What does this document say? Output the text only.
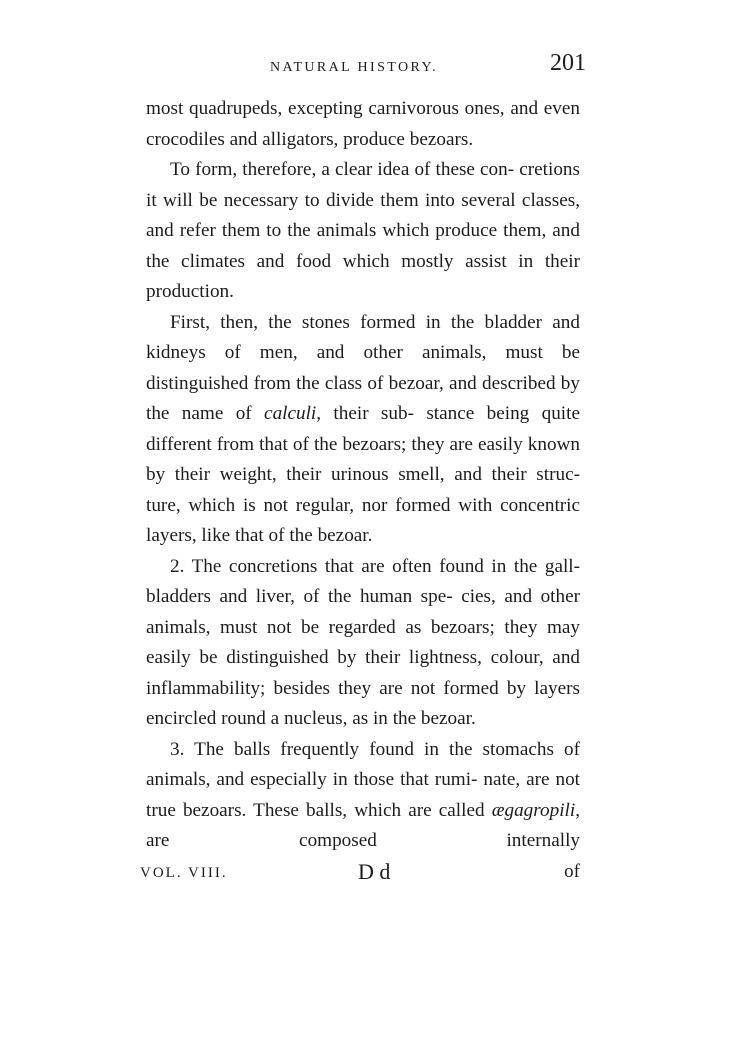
NATURAL HISTORY.	201

most quadrupeds, excepting carnivorous ones, and even crocodiles and alligators, produce bezoars.

To form, therefore, a clear idea of these con- cretions it will be necessary to divide them into several classes, and refer them to the animals which produce them, and the climates and food which mostly assist in their production.

First, then, the stones formed in the bladder and kidneys of men, and other animals, must be distinguished from the class of bezoar, and described by the name of calculi, their sub- stance being quite different from that of the bezoars; they are easily known by their weight, their urinous smell, and their struc- ture, which is not regular, nor formed with concentric layers, like that of the bezoar.

2. The concretions that are often found in the gall-bladders and liver, of the human spe- cies, and other animals, must not be regarded as bezoars; they may easily be distinguished by their lightness, colour, and inflammability; besides they are not formed by layers encircled round a nucleus, as in the bezoar.

3. The balls frequently found in the stomachs of animals, and especially in those that rumi- nate, are not true bezoars. These balls, which are called ægagropili, are composed internally

VOL. VIII.	D d	of
